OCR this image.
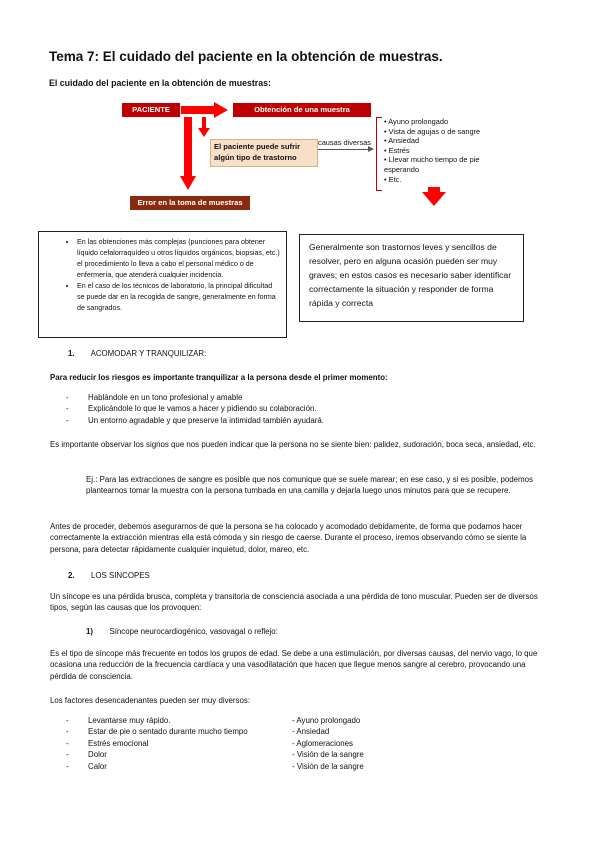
Tema 7: El cuidado del paciente en la obtención de muestras.
El cuidado del paciente en la obtención de muestras:
PACIENTE	Obtención de una muestra
El paciente puede sufrir algún tipo de trastorno
causas diversas
• Ayuno prolongado
• Vista de agujas o de sangre
• Ansiedad
• Estrés
• Llevar mucho tiempo de pie esperando
• Etc.
Error en la toma de muestras
• En las obtenciones más complejas (punciones para obtener líquido cefalorraquídeo u otros líquidos orgánicos, biopsias, etc.) el procedimiento lo lleva a cabo el personal médico o de enfermería, que atenderá cualquier incidencia.
• En el caso de los técnicos de laboratorio, la principal dificultad se puede dar en la recogida de sangre, generalmente en forma de sangrados.
Generalmente son trastornos leves y sencillos de resolver, pero en alguna ocasión pueden ser muy graves; en estos casos es necesario saber identificar correctamente la situación y responder de forma rápida y correcta
1. ACOMODAR Y TRANQUILIZAR:
Para reducir los riesgos es importante tranquilizar a la persona desde el primer momento:
- Hablándole en un tono profesional y amable
- Explicándole lo que le vamos a hacer y pidiendo su colaboración.
- Un entorno agradable y que preserve la intimidad también ayudará.
Es importante observar los signos que nos pueden indicar que la persona no se siente bien: palidez, sudoración, boca seca, ansiedad, etc.
Ej.: Para las extracciones de sangre es posible que nos comunique que se suele marear; en ese caso, y si es posible, podemos plantearnos tomar la muestra con la persona tumbada en una camilla y dejarla luego unos minutos para que se recupere.
Antes de proceder, debemos asegurarnos de que la persona se ha colocado y acomodado debidamente, de forma que podamos hacer correctamente la extracción mientras ella está cómoda y sin riesgo de caerse. Durante el proceso, iremos observando cómo se siente la persona, para detectar rápidamente cualquier inquietud, dolor, mareo, etc.
2. LOS SINCOPES
Un síncope es una pérdida brusca, completa y transitoria de consciencia asociada a una pérdida de tono muscular. Pueden ser de diversos tipos, según las causas que los provoquen:
1) Síncope neurocardiogénico, vasovagal o reflejo:
Es el tipo de síncope más frecuente en todos los grupos de edad. Se debe a una estimulación, por diversas causas, del nervio vago, lo que ocasiona una reducción de la frecuencia cardíaca y una vasodilatación que hacen que llegue menos sangre al cerebro, provocando una pérdida de consciencia.
Los factores desencadenantes pueden ser muy diversos:
- Levantarse muy rápido.
- Estar de pie o sentado durante mucho tiempo
- Estrés emocional
- Dolor
- Calor
- Ayuno prolongado
- Ansiedad
- Aglomeraciones
- Visión de la sangre
- Visión de la sangre
